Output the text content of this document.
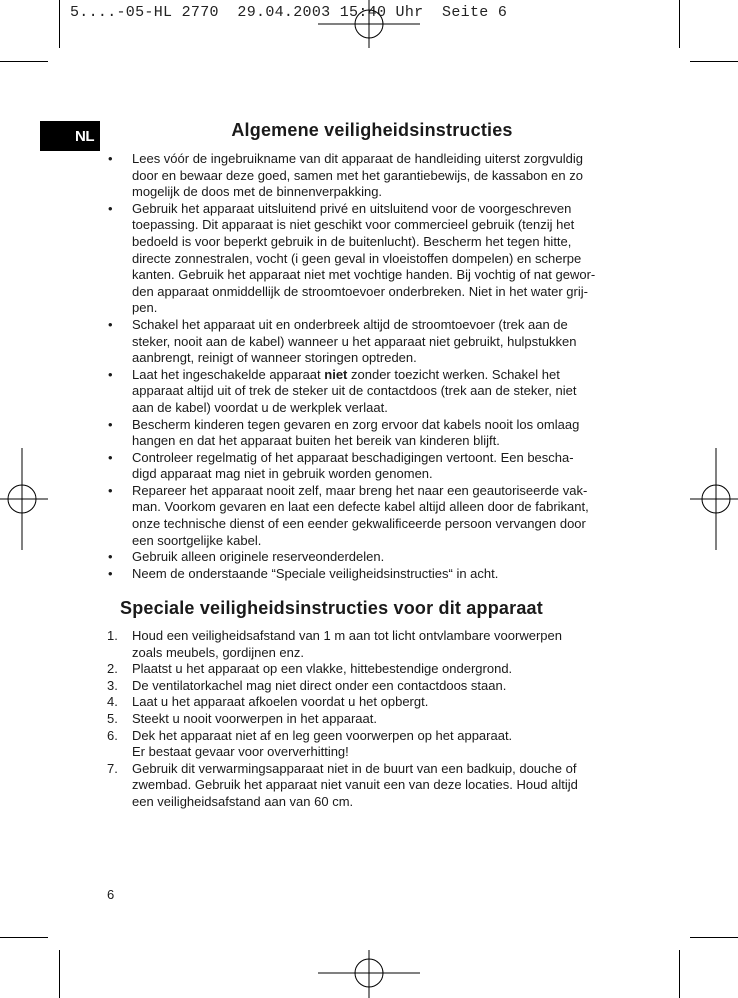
5....-05-HL 2770  29.04.2003 15:40 Uhr  Seite 6
NL	Algemene veiligheidsinstructies
• Lees vóór de ingebruikname van dit apparaat de handleiding uiterst zorgvuldig
door en bewaar deze goed, samen met het garantiebewijs, de kassabon en zo
mogelijk de doos met de binnenverpakking.
• Gebruik het apparaat uitsluitend privé en uitsluitend voor de voorgeschreven
toepassing. Dit apparaat is niet geschikt voor commercieel gebruik (tenzij het
bedoeld is voor beperkt gebruik in de buitenlucht). Bescherm het tegen hitte,
directe zonnestralen, vocht (i geen geval in vloeistoffen dompelen) en scherpe
kanten. Gebruik het apparaat niet met vochtige handen. Bij vochtig of nat gewor-
den apparaat onmiddellijk de stroomtoevoer onderbreken. Niet in het water grij-
pen.
• Schakel het apparaat uit en onderbreek altijd de stroomtoevoer (trek aan de
steker, nooit aan de kabel) wanneer u het apparaat niet gebruikt, hulpstukken
aanbrengt, reinigt of wanneer storingen optreden.
• Laat het ingeschakelde apparaat niet zonder toezicht werken. Schakel het
apparaat altijd uit of trek de steker uit de contactdoos (trek aan de steker, niet
aan de kabel) voordat u de werkplek verlaat.
• Bescherm kinderen tegen gevaren en zorg ervoor dat kabels nooit los omlaag
hangen en dat het apparaat buiten het bereik van kinderen blijft.
• Controleer regelmatig of het apparaat beschadigingen vertoont. Een bescha-
digd apparaat mag niet in gebruik worden genomen.
• Repareer het apparaat nooit zelf, maar breng het naar een geautoriseerde vak-
man. Voorkom gevaren en laat een defecte kabel altijd alleen door de fabrikant,
onze technische dienst of een eender gekwalificeerde persoon vervangen door
een soortgelijke kabel.
• Gebruik alleen originele reserveonderdelen.
• Neem de onderstaande “Speciale veiligheidsinstructies“ in acht.
Speciale veiligheidsinstructies voor dit apparaat
1. Houd een veiligheidsafstand van 1 m aan tot licht ontvlambare voorwerpen
zoals meubels, gordijnen enz.
2. Plaatst u het apparaat op een vlakke, hittebestendige ondergrond.
3. De ventilatorkachel mag niet direct onder een contactdoos staan.
4. Laat u het apparaat afkoelen voordat u het opbergt.
5. Steekt u nooit voorwerpen in het apparaat.
6. Dek het apparaat niet af en leg geen voorwerpen op het apparaat.
Er bestaat gevaar voor oververhitting!
7. Gebruik dit verwarmingsapparaat niet in de buurt van een badkuip, douche of
zwembad. Gebruik het apparaat niet vanuit een van deze locaties. Houd altijd
een veiligheidsafstand aan van 60 cm.
6
